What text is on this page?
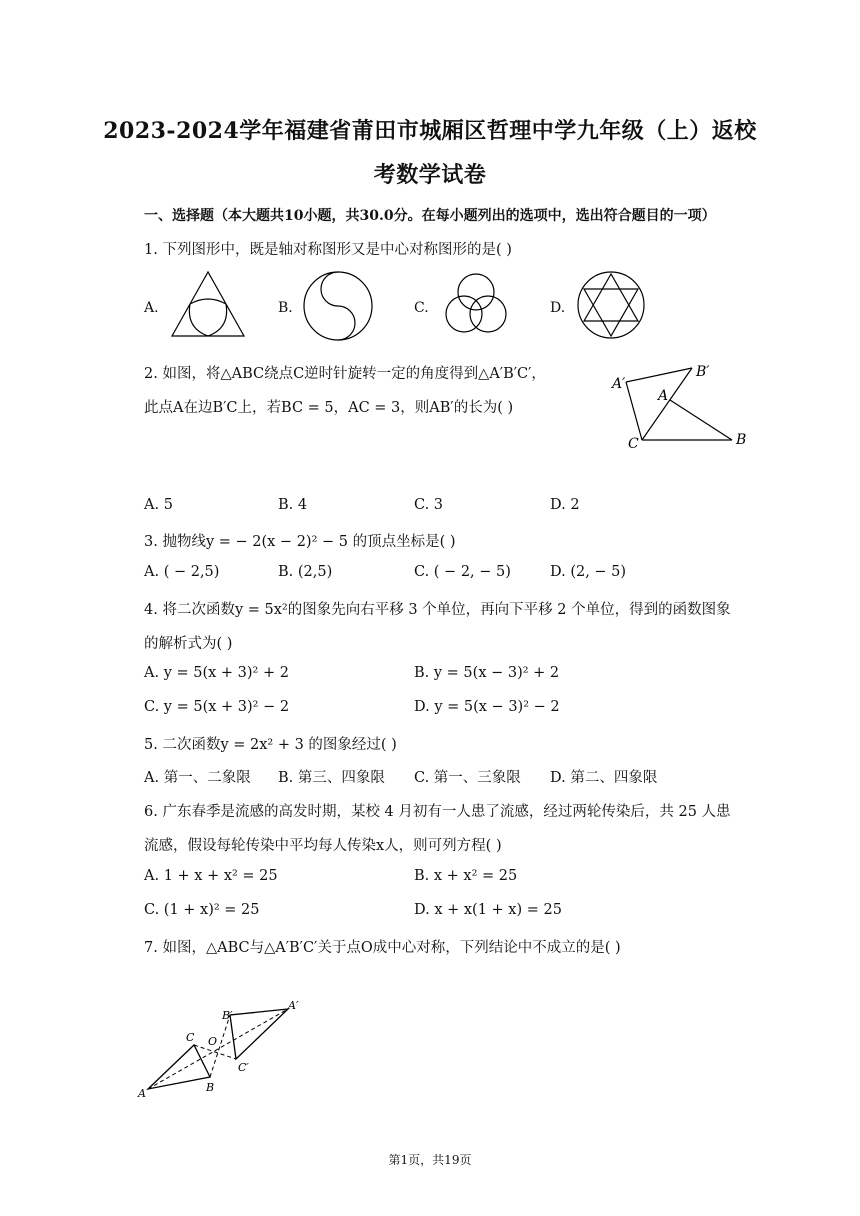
2023-2024学年福建省莆田市城厢区哲理中学九年级（上）返校
考数学试卷
一、选择题（本大题共10小题，共30.0分。在每小题列出的选项中，选出符合题目的一项）
1. 下列图形中，既是轴对称图形又是中心对称图形的是( )
A.	B.	C.	D.
2. 如图，将△ABC绕点C逆时针旋转一定的角度得到△A′B′C′，
此点A在边B′C上，若BC = 5，AC = 3，则AB′的长为( )
A′
B′
A
C	B
A. 5	B. 4	C. 3	D. 2
3. 抛物线y = − 2(x − 2)² − 5 的顶点坐标是( )
A. ( − 2,5)	B. (2,5)	C. ( − 2, − 5)	D. (2, − 5)
4. 将二次函数y = 5x²的图象先向右平移 3 个单位，再向下平移 2 个单位，得到的函数图象
的解析式为( )
A. y = 5(x + 3)² + 2	B. y = 5(x − 3)² + 2
C. y = 5(x + 3)² − 2	D. y = 5(x − 3)² − 2
5. 二次函数y = 2x² + 3 的图象经过( )
A. 第一、二象限 B. 第三、四象限 C. 第一、三象限 D. 第二、四象限
6. 广东春季是流感的高发时期，某校 4 月初有一人患了流感，经过两轮传染后，共 25 人患
流感，假设每轮传染中平均每人传染x人，则可列方程( )
A. 1 + x + x² = 25	B. x + x² = 25
C. (1 + x)² = 25	D. x + x(1 + x) = 25
7. 如图，△ABC与△A′B′C′关于点O成中心对称，下列结论中不成立的是( )
A′
B′
C O
C′
A	B
第1页，共19页
